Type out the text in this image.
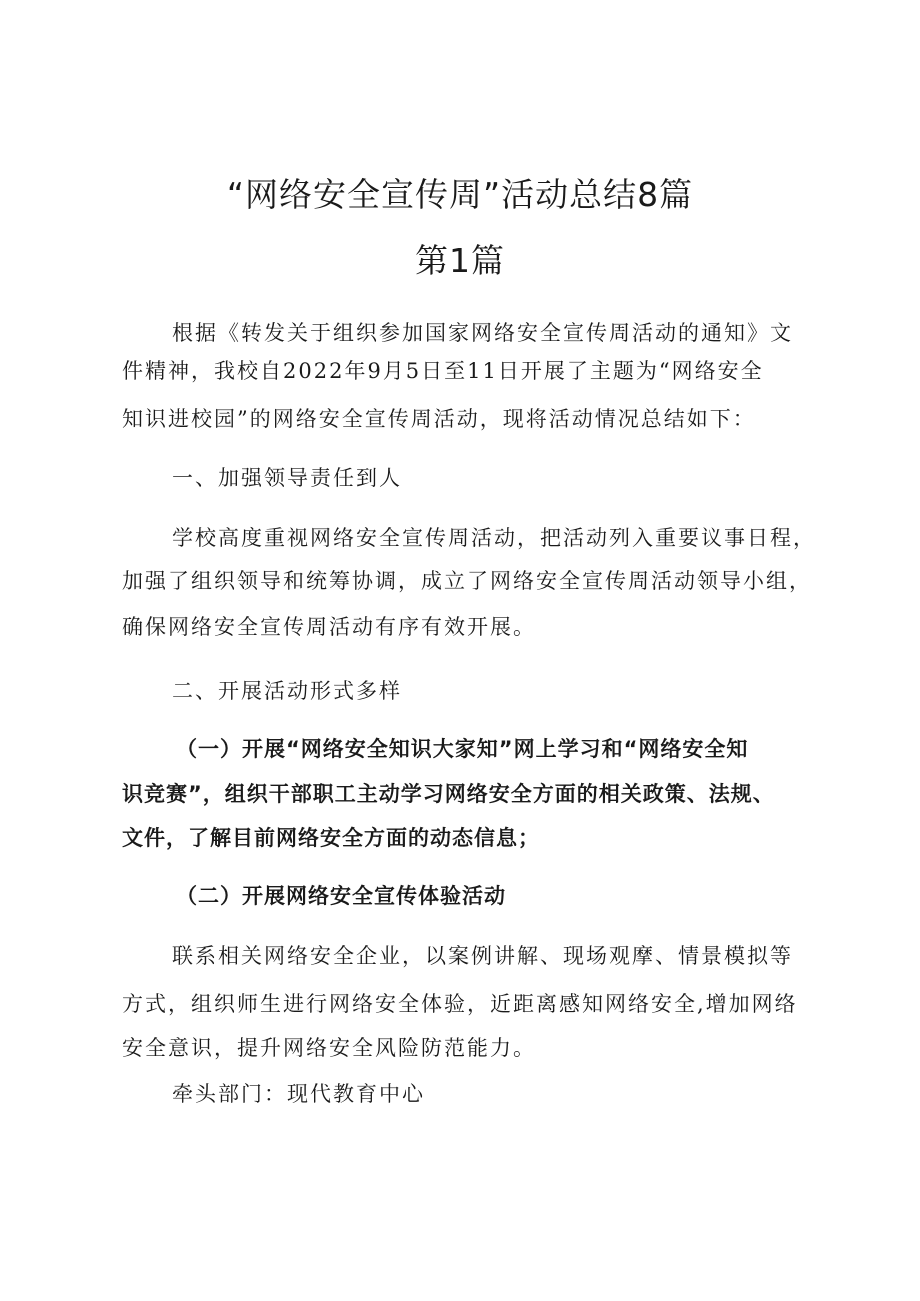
“网络安全宣传周”活动总结8篇
第1篇
根据《转发关于组织参加国家网络安全宣传周活动的通知》文
件精神，我校自2022年9月5日至11日开展了主题为“网络安全
知识进校园”的网络安全宣传周活动，现将活动情况总结如下：
一、加强领导责任到人
学校高度重视网络安全宣传周活动，把活动列入重要议事日程，
加强了组织领导和统筹协调，成立了网络安全宣传周活动领导小组，
确保网络安全宣传周活动有序有效开展。
二、开展活动形式多样
（一）开展“网络安全知识大家知”网上学习和“网络安全知
识竞赛”，组织干部职工主动学习网络安全方面的相关政策、法规、
文件，了解目前网络安全方面的动态信息；
（二）开展网络安全宣传体验活动
联系相关网络安全企业，以案例讲解、现场观摩、情景模拟等
方式，组织师生进行网络安全体验，近距离感知网络安全,增加网络
安全意识，提升网络安全风险防范能力。
牵头部门：现代教育中心
